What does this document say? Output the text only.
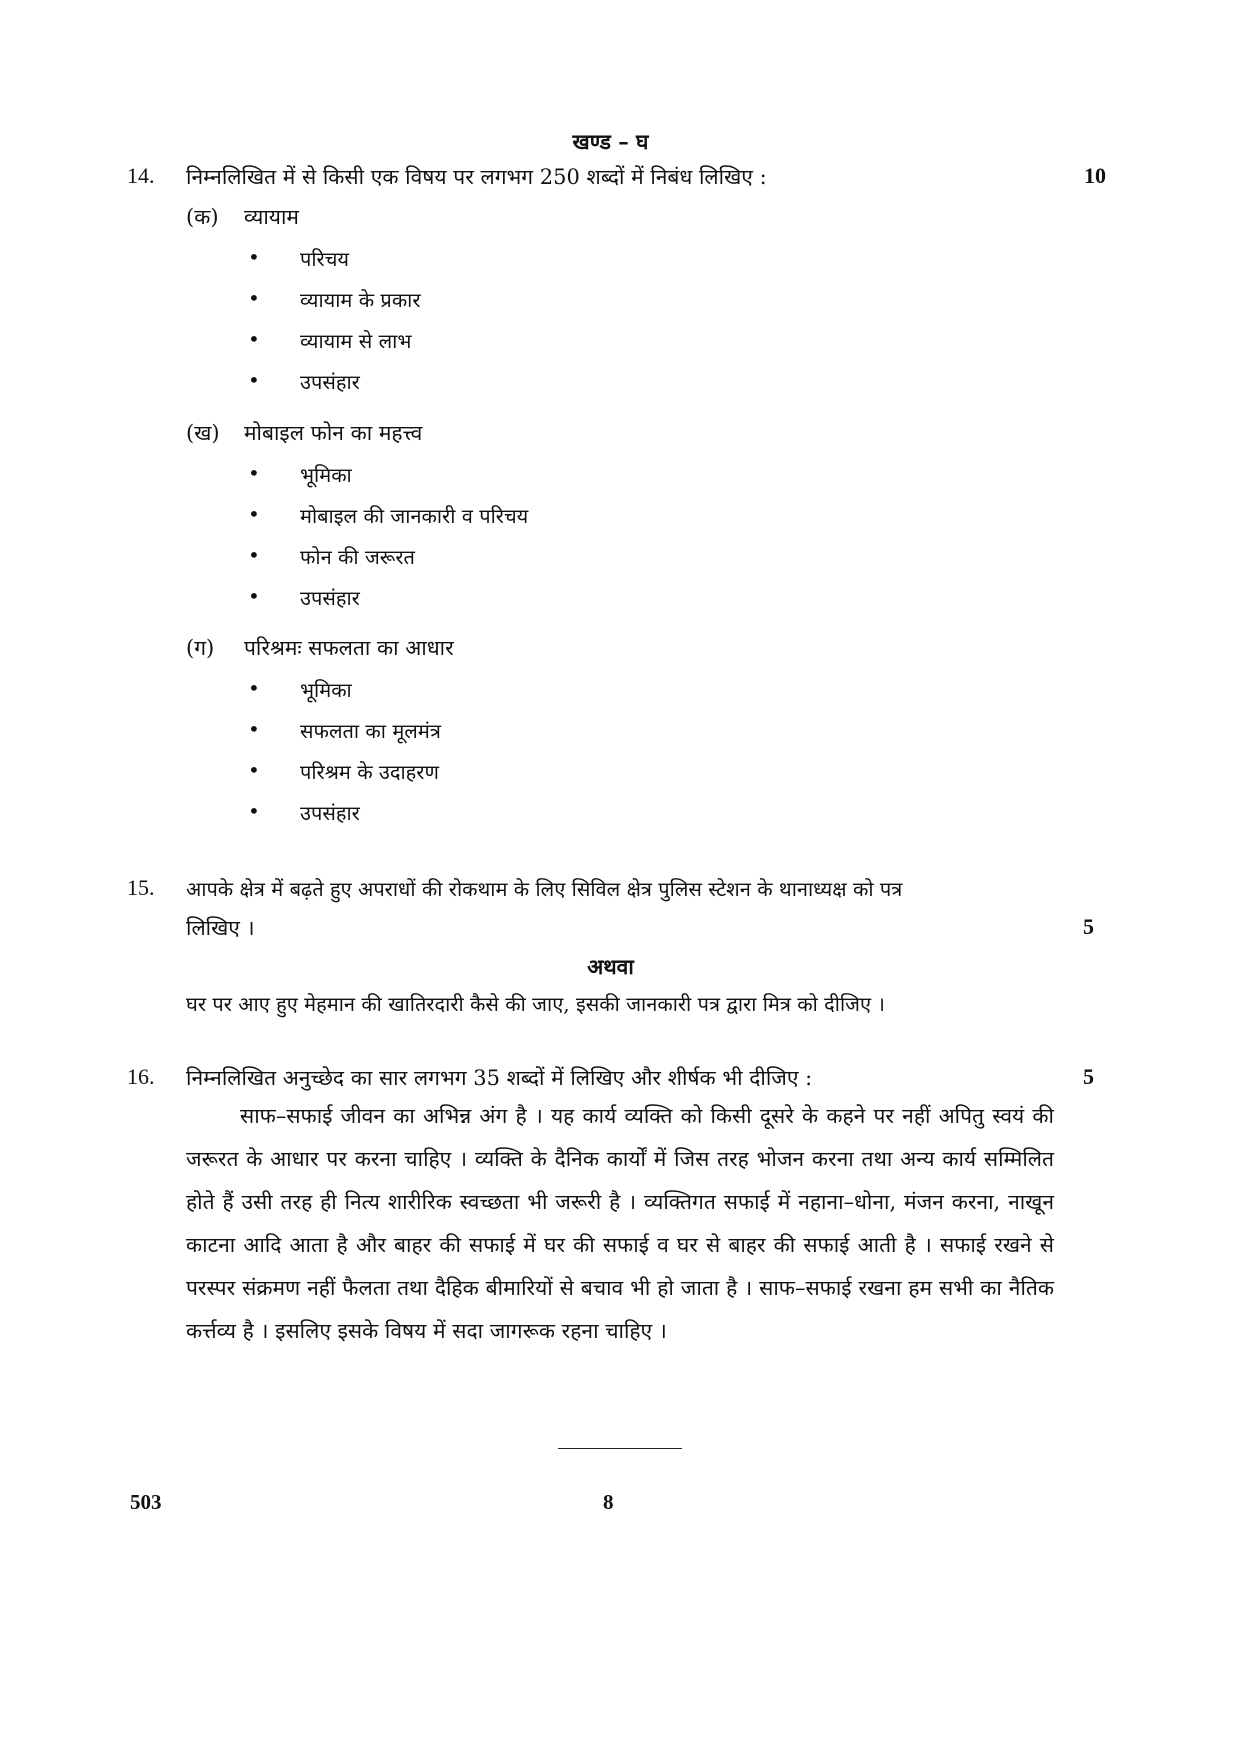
खण्ड – घ
14. निम्नलिखित में से किसी एक विषय पर लगभग 250 शब्दों में निबंध लिखिए :	10
(क) व्यायाम
• परिचय
• व्यायाम के प्रकार
• व्यायाम से लाभ
• उपसंहार
(ख) मोबाइल फोन का महत्त्व
• भूमिका
• मोबाइल की जानकारी व परिचय
• फोन की जरूरत
• उपसंहार
(ग) परिश्रमः सफलता का आधार
• भूमिका
• सफलता का मूलमंत्र
• परिश्रम के उदाहरण
• उपसंहार
15. आपके क्षेत्र में बढ़ते हुए अपराधों की रोकथाम के लिए सिविल क्षेत्र पुलिस स्टेशन के थानाध्यक्ष को पत्र
लिखिए ।	5
अथवा
घर पर आए हुए मेहमान की खातिरदारी कैसे की जाए, इसकी जानकारी पत्र द्वारा मित्र को दीजिए ।
16. निम्नलिखित अनुच्छेद का सार लगभग 35 शब्दों में लिखिए और शीर्षक भी दीजिए :	5
साफ–सफाई जीवन का अभिन्न अंग है । यह कार्य व्यक्ति को किसी दूसरे के कहने पर नहीं अपितु स्वयं की जरूरत के आधार पर करना चाहिए । व्यक्ति के दैनिक कार्यों में जिस तरह भोजन करना तथा अन्य कार्य सम्मिलित होते हैं उसी तरह ही नित्य शारीरिक स्वच्छता भी जरूरी है । व्यक्तिगत सफाई में नहाना–धोना, मंजन करना, नाखून काटना आदि आता है और बाहर की सफाई में घर की सफाई व घर से बाहर की सफाई आती है । सफाई रखने से परस्पर संक्रमण नहीं फैलता तथा दैहिक बीमारियों से बचाव भी हो जाता है । साफ–सफाई रखना हम सभी का नैतिक कर्त्तव्य है । इसलिए इसके विषय में सदा जागरूक रहना चाहिए ।
503	8
